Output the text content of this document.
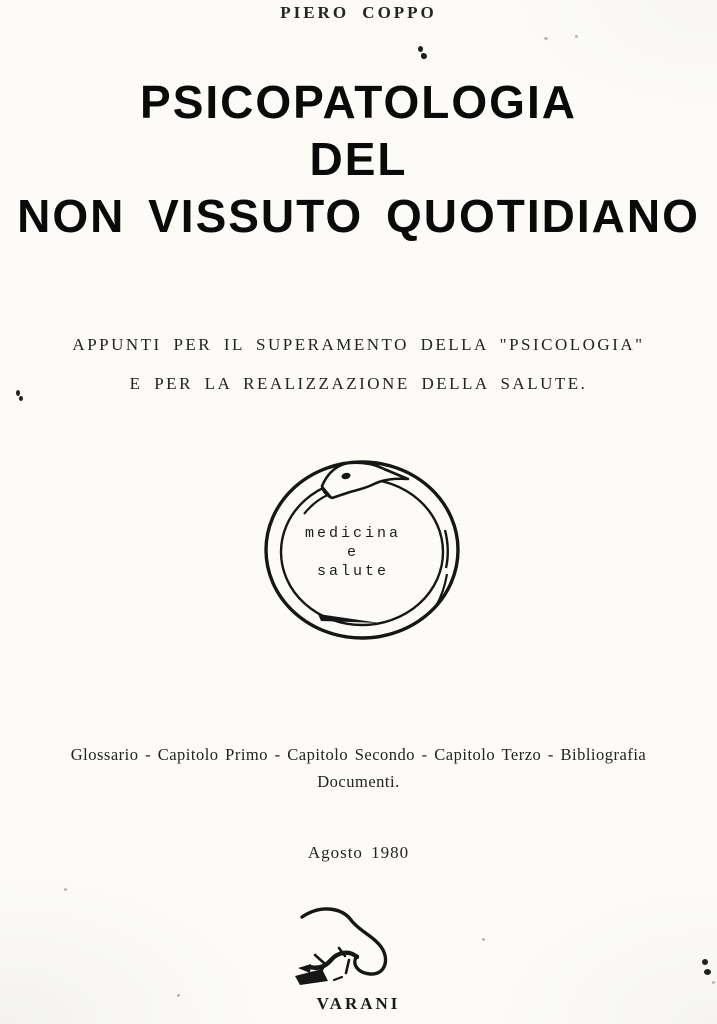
PIERO COPPO
PSICOPATOLOGIA
DEL
NON VISSUTO QUOTIDIANO
APPUNTI PER IL SUPERAMENTO DELLA "PSICOLOGIA"
E PER LA REALIZZAZIONE DELLA SALUTE.
medicina
e
salute
Glossario - Capitolo Primo - Capitolo Secondo - Capitolo Terzo - Bibliografia
Documenti.
Agosto 1980
VARANI
